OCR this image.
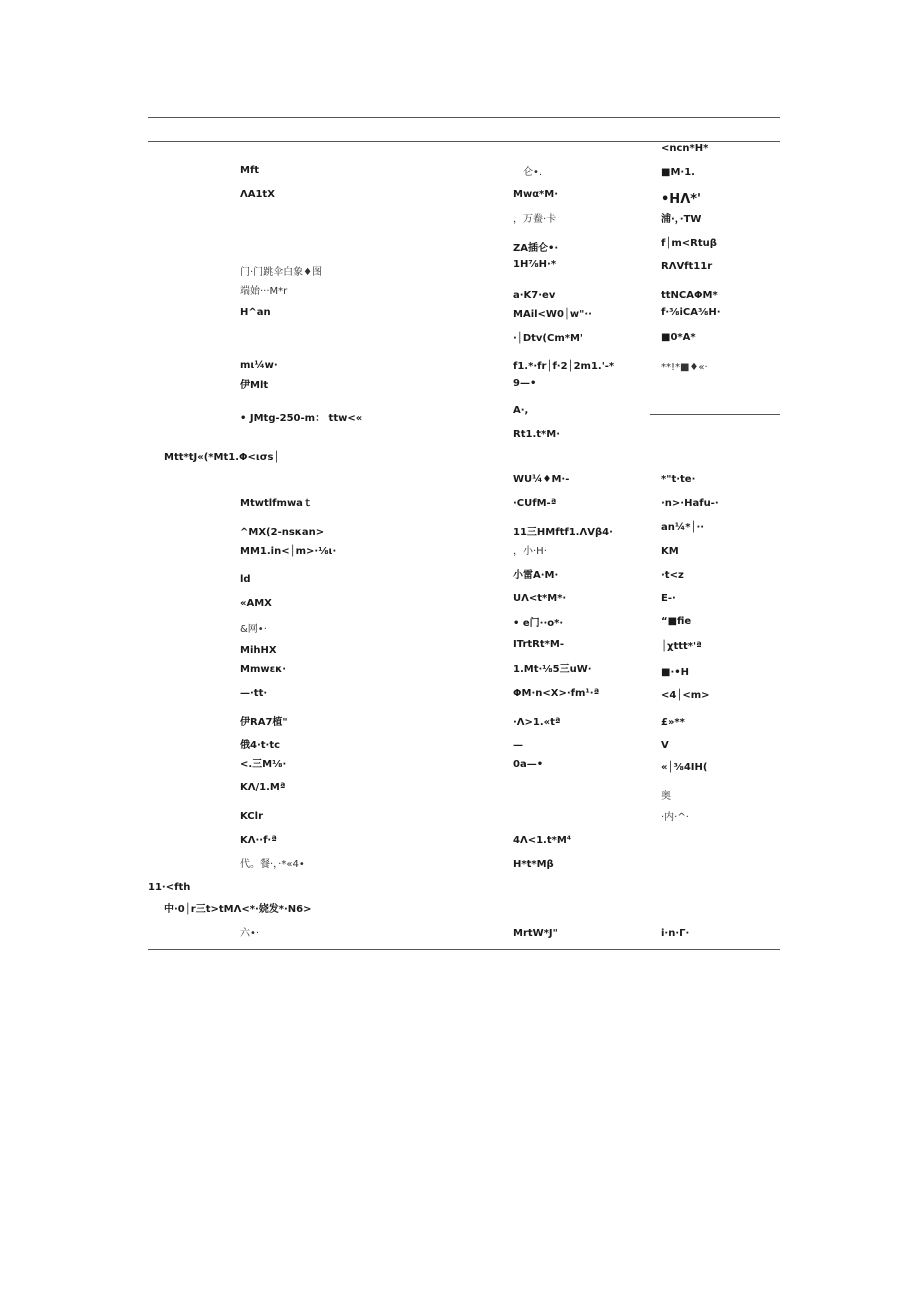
Mft
ΛA1tX
门·门跳伞白象♦图
端始···M*r
H^an
mι¼w·
伊Mlt
• JMtg-250-m： ttw<«
Mtt*tJ«(*Mt1.Φ<ισs│
Mtwtlfmwaｔ
^MX(2-nsκan>
MM1.in<│m>·⅛ι·
ld
«AMX
&网•·
MihHX
Mmwεκ·
—·tt·
伊RA7植"
俄4·t·tc
<.三M⅛·
KΛ/1.Mª
KClr
KΛ··f·ª
代。餐·，·*«4•
11·<fth
中·0│r三t>tMΛ<*·娆发*·N6>
六•·
仑•.
Mwα*M·
，万鲞·卡
ZA插仑•·
1H⅞H·*
a·K7·ev
MAil<W0│w"··
·│Dtv(Cm*M'
f1.*·fr│f·2│2m1.'-*
9—•
A·,
Rt1.t*M·
WU¼♦M·-
·CUfM-ª
11三HMftf1.ΛVβ4·
，小·H·
小雷A·M·
UΛ<t*M*·
• e门··o*·
ITrtRt*M-
1.Mt·⅛5三uW·
ΦM·n<X>·fm¹·ª
·Λ>1.«tª
—
0a—•
4Λ<1.t*M⁴
H*t*Mβ
MrtW*J"
<ncn*H*
■M·1.
•HΛ*'
浦·，·TW
f│m<Rtuβ
RΛVft11r
ttNCAΦM*
f·⅜iCA⅜H·
■0*A*
**!*■♦«·
*"t·te·
·n>·Hafu-·
an¼*│··
KM
·t<z
E-·
“■fie
│χttt*'ª
■·•H
<4│<m>
£»**
V
«│⅜4IH(
奥
·内·^·
i·n·Γ·
